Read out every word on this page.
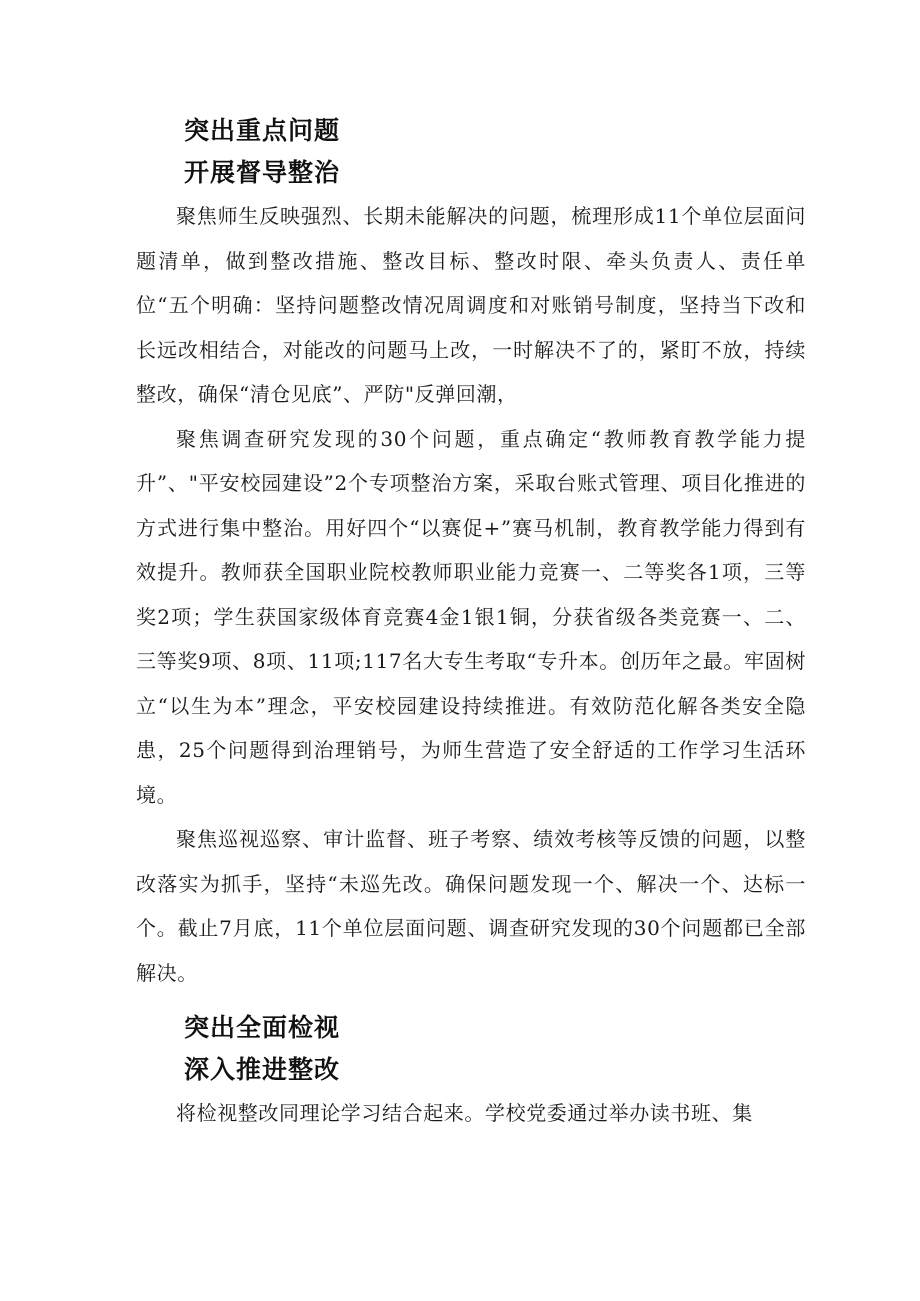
突出重点问题
开展督导整治

聚焦师生反映强烈、长期未能解决的问题，梳理形成11个单位层面问题清单，做到整改措施、整改目标、整改时限、牵头负责人、责任单位“五个明确：坚持问题整改情况周调度和对账销号制度，坚持当下改和长远改相结合，对能改的问题马上改，一时解决不了的，紧盯不放，持续整改，确保“清仓见底”、严防"反弹回潮，

聚焦调查研究发现的30个问题，重点确定“教师教育教学能力提升”、"平安校园建设”2个专项整治方案，采取台账式管理、项目化推进的方式进行集中整治。用好四个“以赛促+”赛马机制，教育教学能力得到有效提升。教师获全国职业院校教师职业能力竞赛一、二等奖各1项，三等奖2项；学生获国家级体育竞赛4金1银1铜，分获省级各类竞赛一、二、三等奖9项、8项、11项;117名大专生考取“专升本。创历年之最。牢固树立“以生为本”理念，平安校园建设持续推进。有效防范化解各类安全隐患，25个问题得到治理销号，为师生营造了安全舒适的工作学习生活环境。

聚焦巡视巡察、审计监督、班子考察、绩效考核等反馈的问题，以整改落实为抓手，坚持“未巡先改。确保问题发现一个、解决一个、达标一个。截止7月底，11个单位层面问题、调查研究发现的30个问题都已全部解决。

突出全面检视
深入推进整改

将检视整改同理论学习结合起来。学校党委通过举办读书班、集
